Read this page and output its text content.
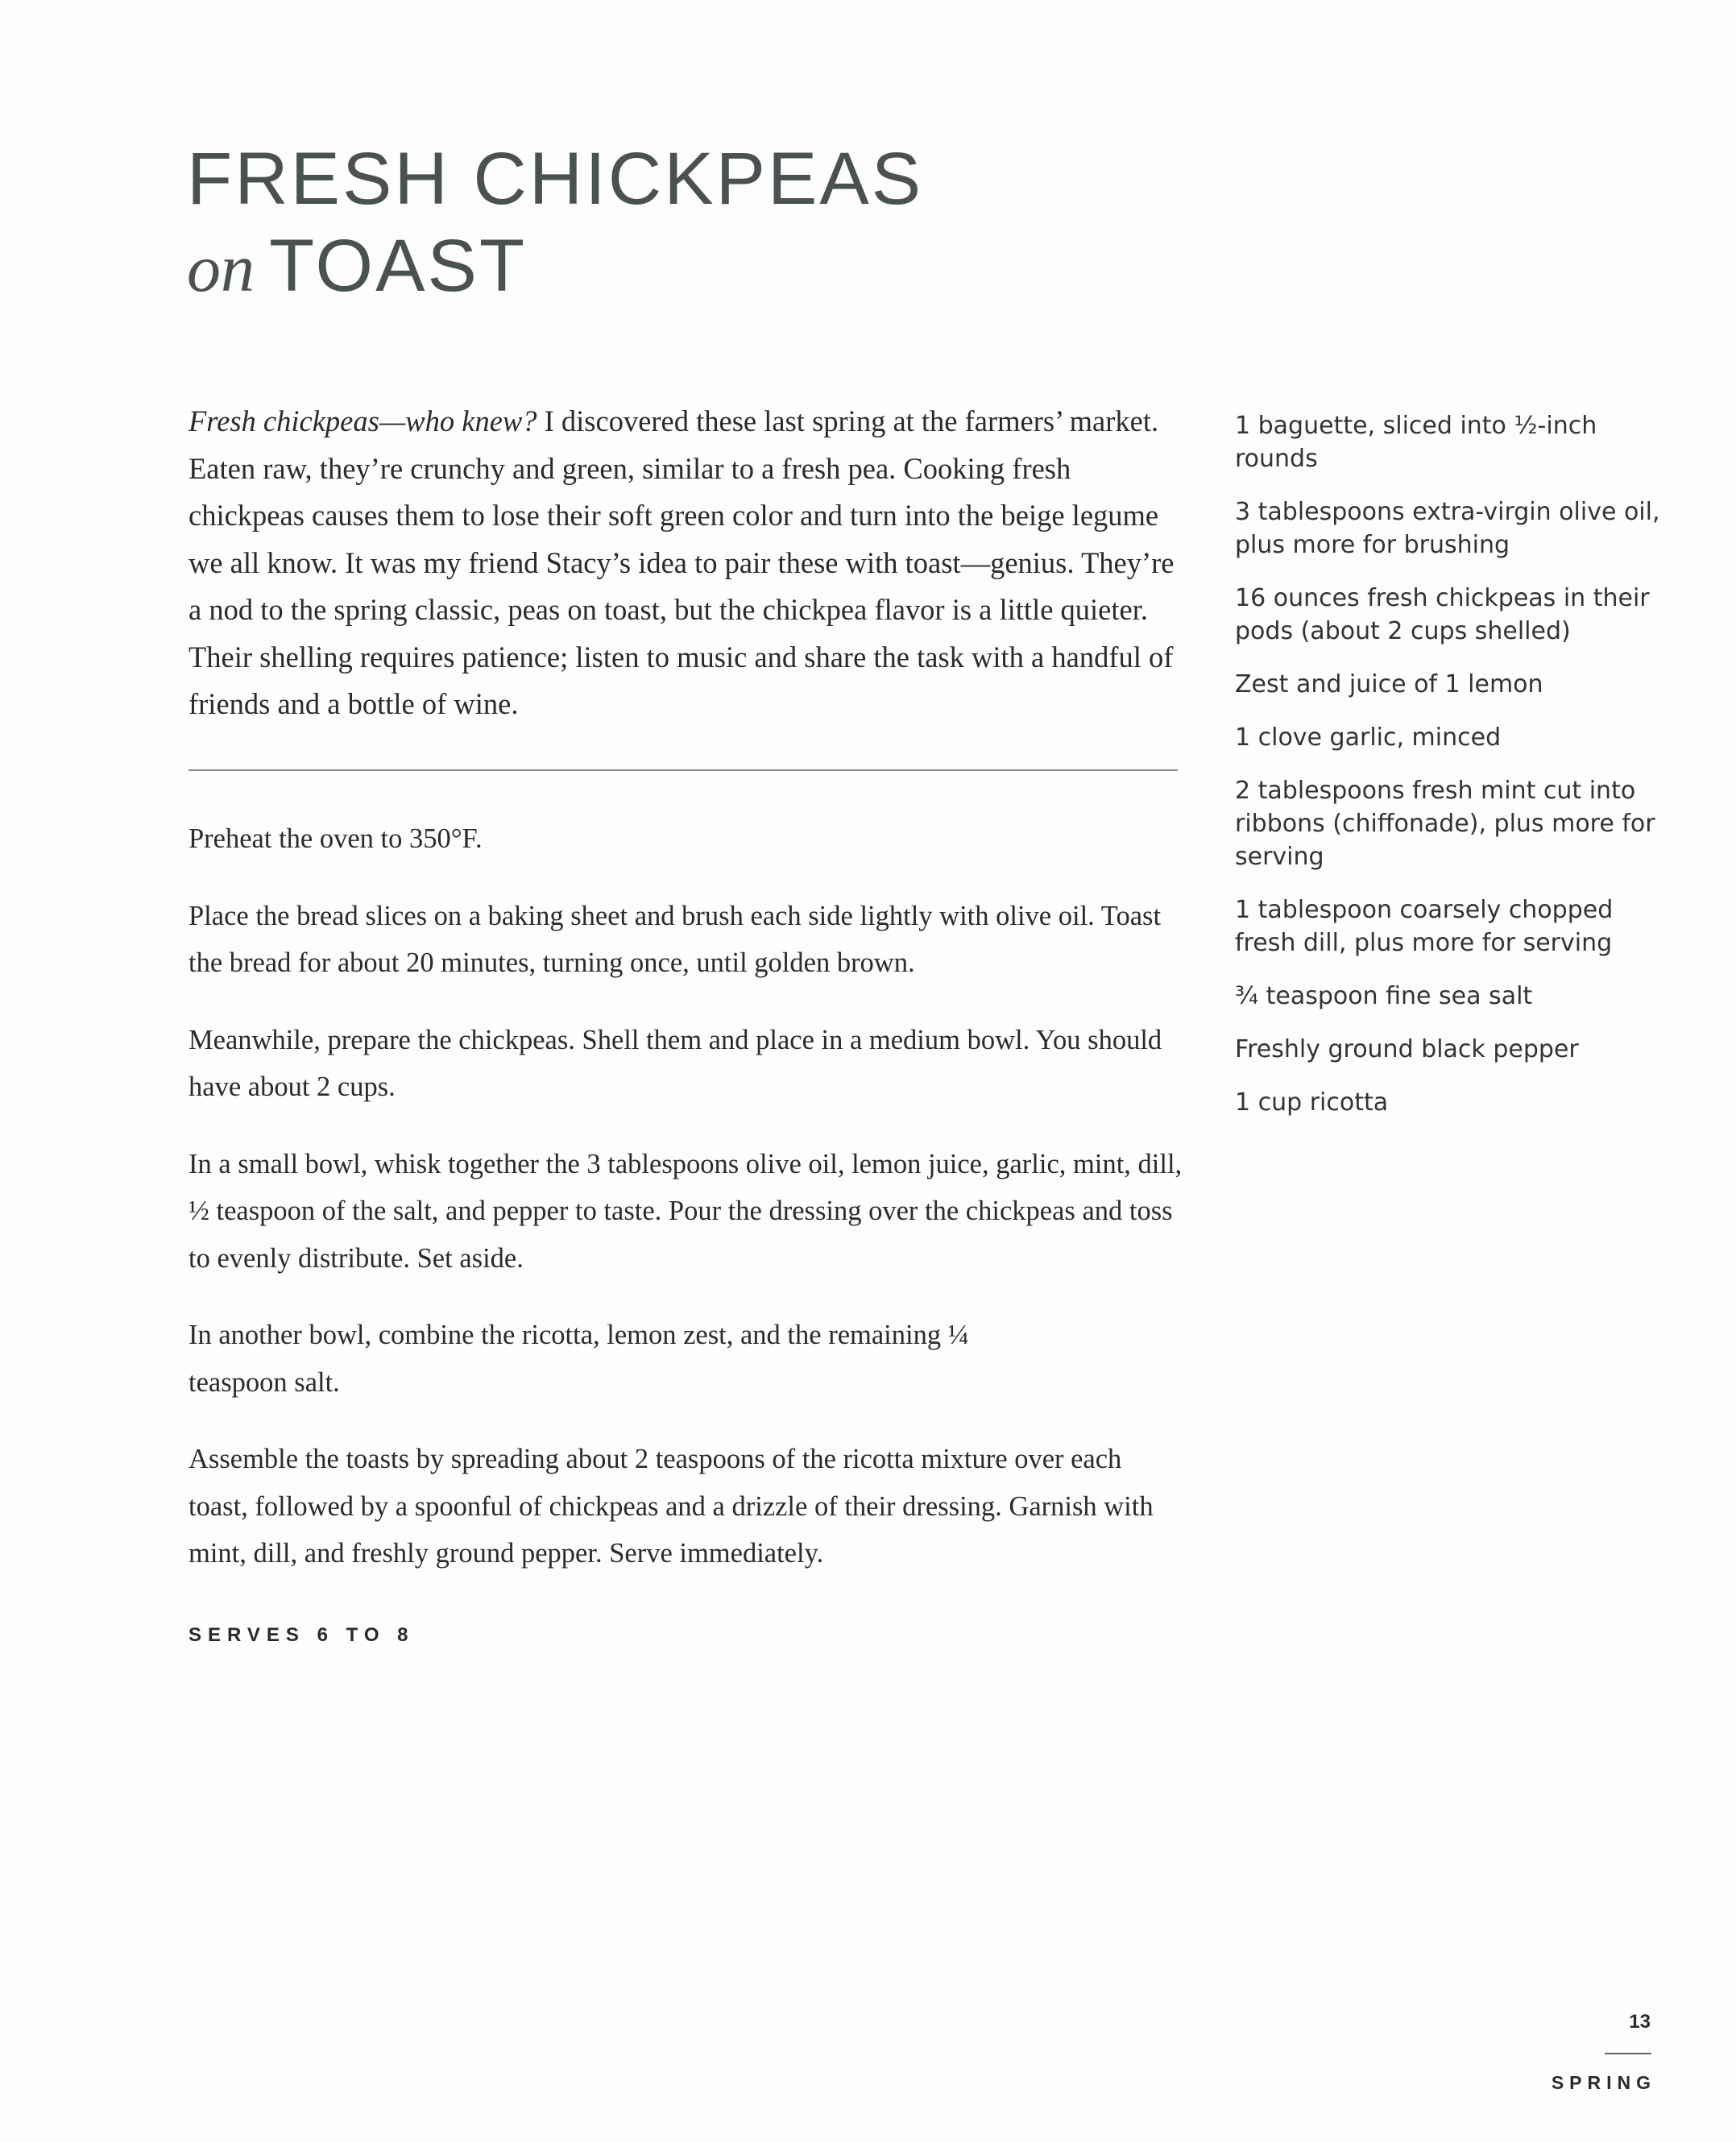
FRESH CHICKPEAS
on TOAST

Fresh chickpeas—who knew? I discovered these last spring at the farmers’ market. Eaten raw, they’re crunchy and green, similar to a fresh pea. Cooking fresh chickpeas causes them to lose their soft green color and turn into the beige legume we all know. It was my friend Stacy’s idea to pair these with toast—genius. They’re a nod to the spring classic, peas on toast, but the chickpea flavor is a little quieter. Their shelling requires patience; listen to music and share the task with a handful of friends and a bottle of wine.

Preheat the oven to 350°F.

Place the bread slices on a baking sheet and brush each side lightly with olive oil. Toast the bread for about 20 minutes, turning once, until golden brown.

Meanwhile, prepare the chickpeas. Shell them and place in a medium bowl. You should have about 2 cups.

In a small bowl, whisk together the 3 tablespoons olive oil, lemon juice, garlic, mint, dill, ½ teaspoon of the salt, and pepper to taste. Pour the dressing over the chickpeas and toss to evenly distribute. Set aside.

In another bowl, combine the ricotta, lemon zest, and the remaining ¼ teaspoon salt.

Assemble the toasts by spreading about 2 teaspoons of the ricotta mixture over each toast, followed by a spoonful of chickpeas and a drizzle of their dressing. Garnish with mint, dill, and freshly ground pepper. Serve immediately.

SERVES 6 TO 8
1 baguette, sliced into ½-inch rounds
3 tablespoons extra-virgin olive oil, plus more for brushing
16 ounces fresh chickpeas in their pods (about 2 cups shelled)
Zest and juice of 1 lemon
1 clove garlic, minced
2 tablespoons fresh mint cut into ribbons (chiffonade), plus more for serving
1 tablespoon coarsely chopped fresh dill, plus more for serving
¾ teaspoon fine sea salt
Freshly ground black pepper
1 cup ricotta
13
SPRING
